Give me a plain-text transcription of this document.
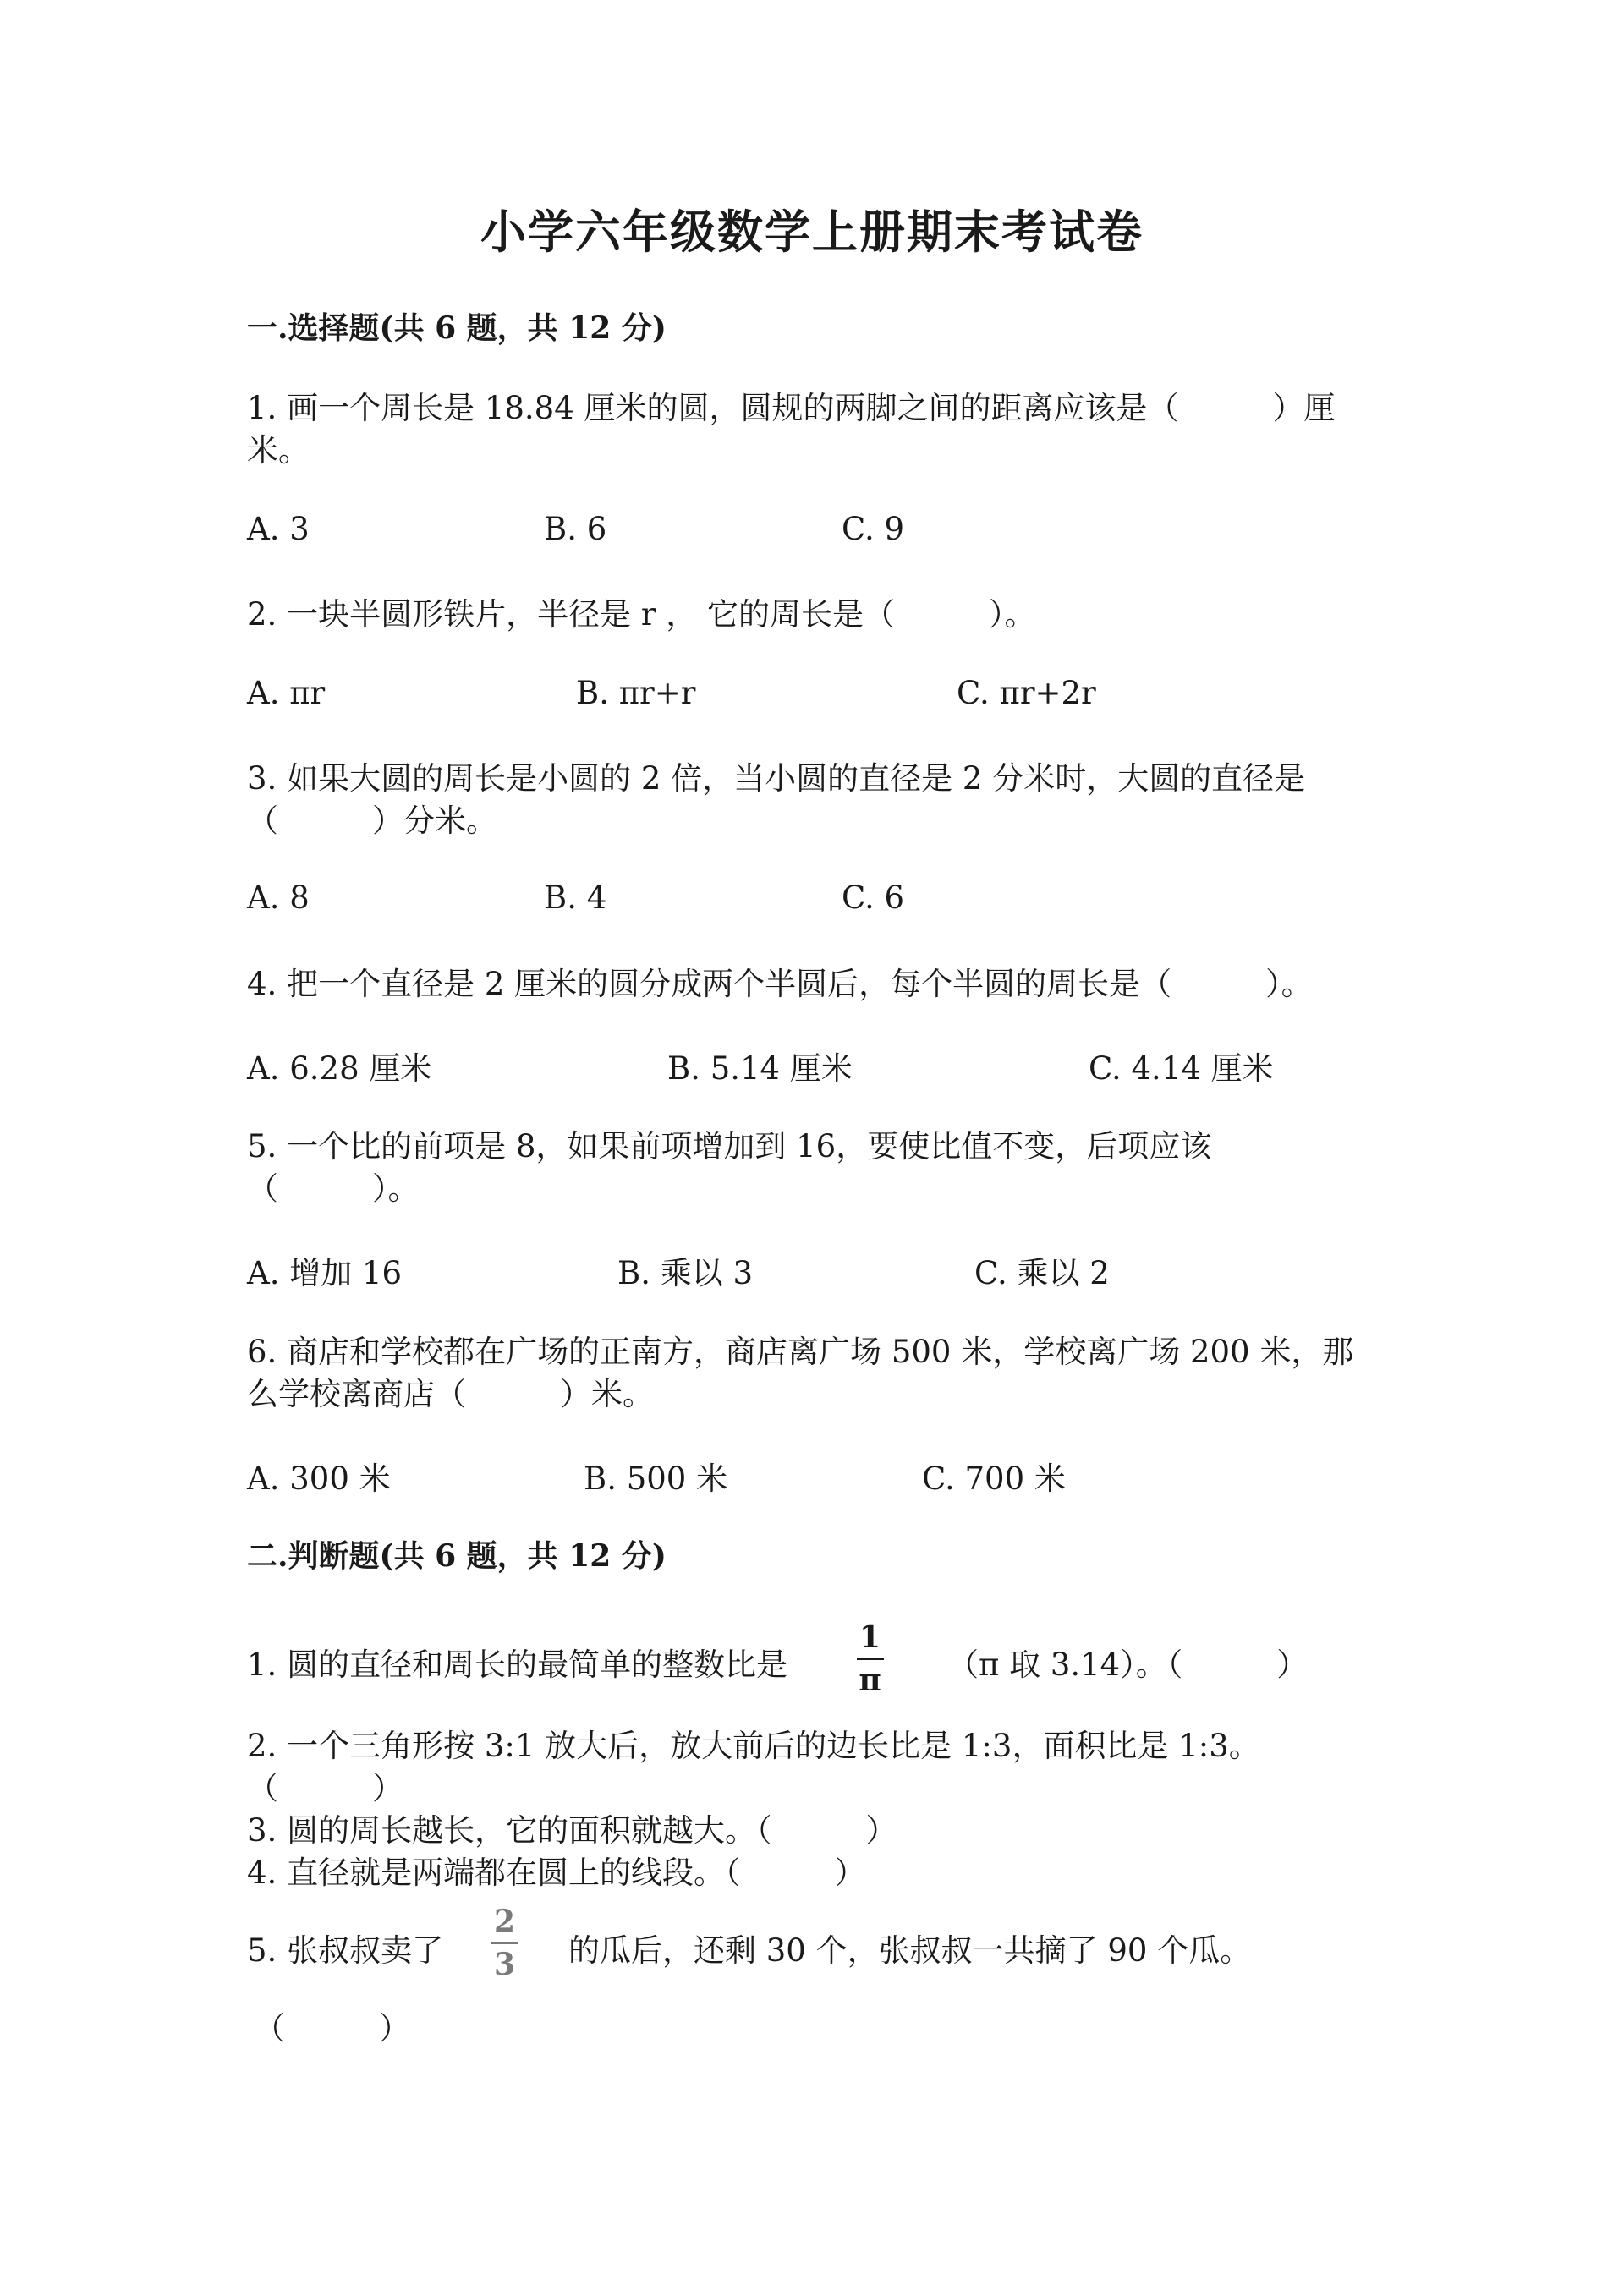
小学六年级数学上册期末考试卷
一.选择题(共 6 题，共 12 分)
1. 画一个周长是 18.84 厘米的圆，圆规的两脚之间的距离应该是（　　　）厘
米。
A. 3	B. 6	C. 9
2. 一块半圆形铁片，半径是 r ， 它的周长是（　　　）。
A. πr	B. πr+r	C. πr+2r
3. 如果大圆的周长是小圆的 2 倍，当小圆的直径是 2 分米时，大圆的直径是
（　　　）分米。
A. 8	B. 4	C. 6
4. 把一个直径是 2 厘米的圆分成两个半圆后，每个半圆的周长是（　　　）。
A. 6.28 厘米	B. 5.14 厘米	C. 4.14 厘米
5. 一个比的前项是 8，如果前项增加到 16，要使比值不变，后项应该
（　　　）。
A. 增加 16	B. 乘以 3	C. 乘以 2
6. 商店和学校都在广场的正南方，商店离广场 500 米，学校离广场 200 米，那
么学校离商店（　　　）米。
A. 300 米	B. 500 米	C. 700 米
二.判断题(共 6 题，共 12 分)
1. 圆的直径和周长的最简单的整数比是
1
π （π 取 3.14）。（　　　）
2. 一个三角形按 3:1 放大后，放大前后的边长比是 1:3，面积比是 1:3。
（　　　）
3. 圆的周长越长，它的面积就越大。（　　　）
4. 直径就是两端都在圆上的线段。（　　　）
5. 张叔叔卖了
2
3 的瓜后，还剩 30 个，张叔叔一共摘了 90 个瓜。
（　　　）
